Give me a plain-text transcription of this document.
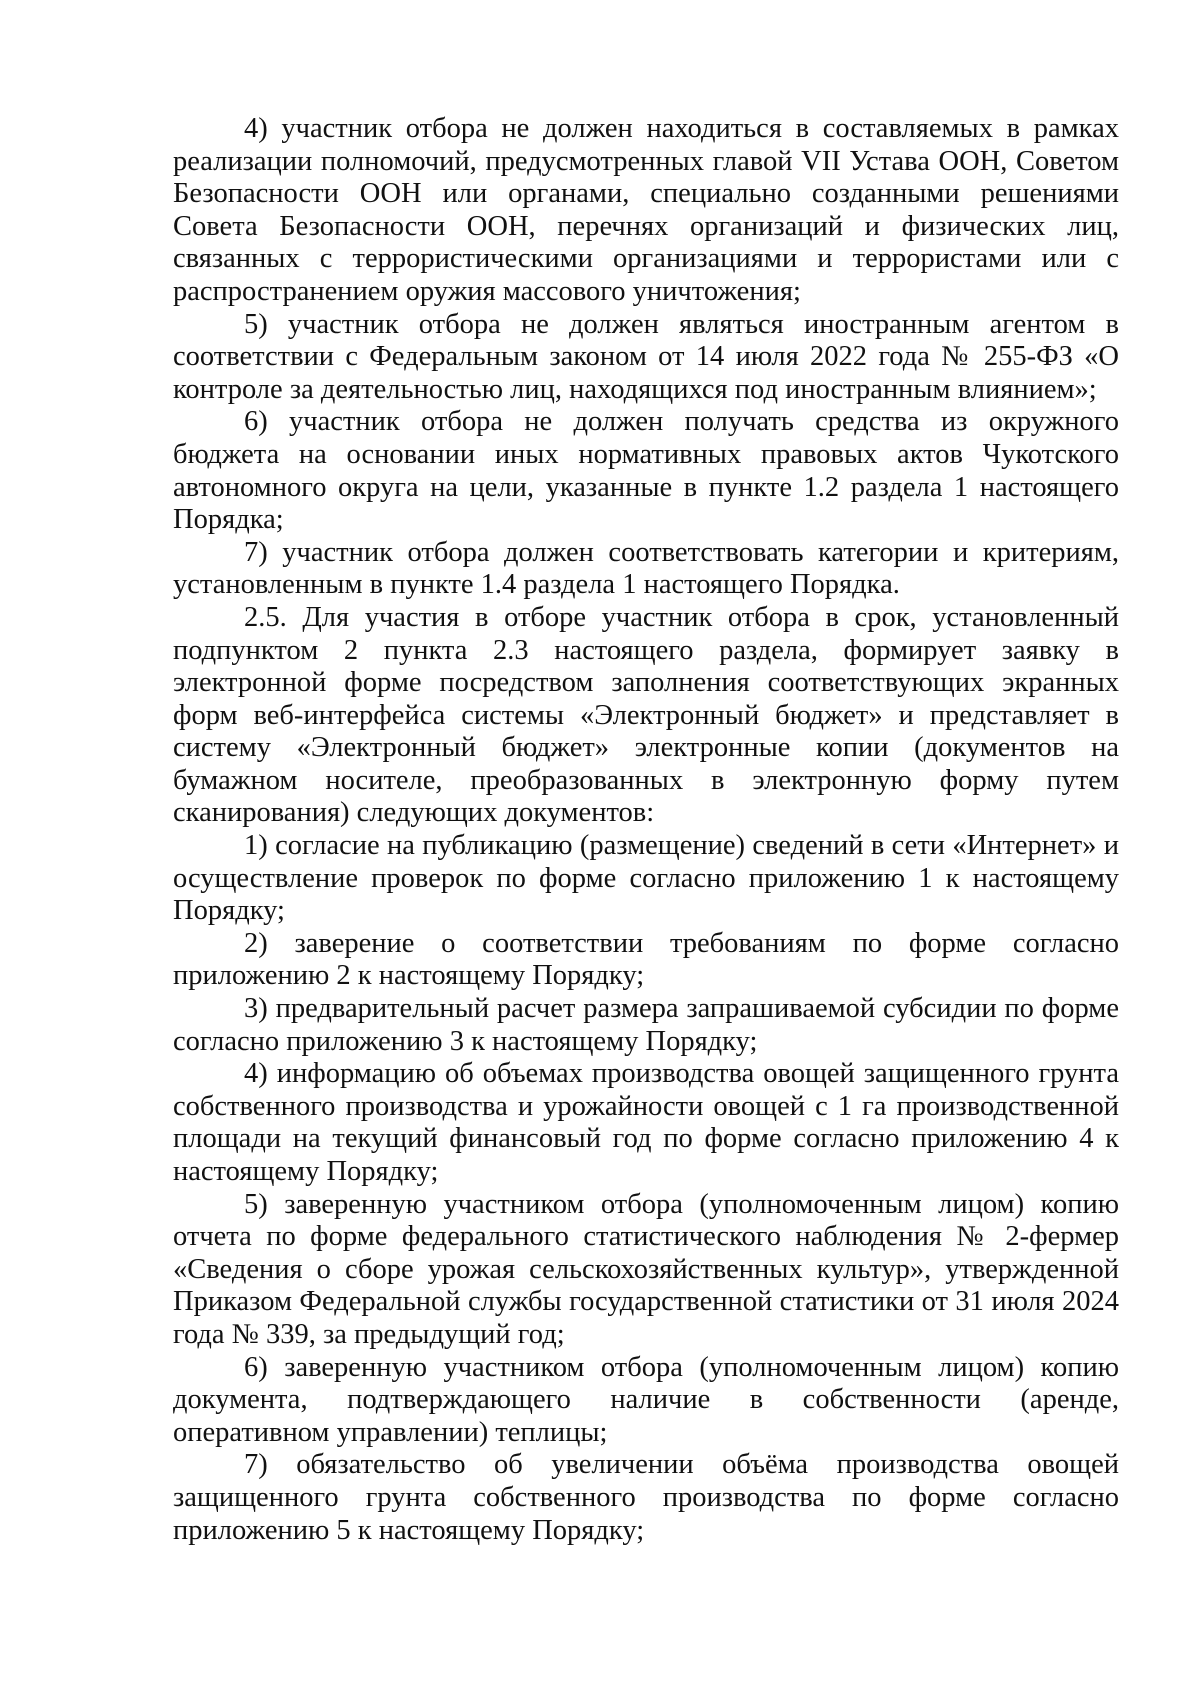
4) участник отбора не должен находиться в составляемых в рамках реализации полномочий, предусмотренных главой VII Устава ООН, Советом Безопасности ООН или органами, специально созданными решениями Совета Безопасности ООН, перечнях организаций и физических лиц, связанных с террористическими организациями и террористами или с распространением оружия массового уничтожения;

5) участник отбора не должен являться иностранным агентом в соответствии с Федеральным законом от 14 июля 2022 года № 255-ФЗ «О контроле за деятельностью лиц, находящихся под иностранным влиянием»;

6) участник отбора не должен получать средства из окружного бюджета на основании иных нормативных правовых актов Чукотского автономного округа на цели, указанные в пункте 1.2 раздела 1 настоящего Порядка;

7) участник отбора должен соответствовать категории и критериям, установленным в пункте 1.4 раздела 1 настоящего Порядка.

2.5. Для участия в отборе участник отбора в срок, установленный подпунктом 2 пункта 2.3 настоящего раздела, формирует заявку в электронной форме посредством заполнения соответствующих экранных форм веб-интерфейса системы «Электронный бюджет» и представляет в систему «Электронный бюджет» электронные копии (документов на бумажном носителе, преобразованных в электронную форму путем сканирования) следующих документов:

1) согласие на публикацию (размещение) сведений в сети «Интернет» и осуществление проверок по форме согласно приложению 1 к настоящему Порядку;

2) заверение о соответствии требованиям по форме согласно приложению 2 к настоящему Порядку;

3) предварительный расчет размера запрашиваемой субсидии по форме согласно приложению 3 к настоящему Порядку;

4) информацию об объемах производства овощей защищенного грунта собственного производства и урожайности овощей с 1 га производственной площади на текущий финансовый год по форме согласно приложению 4 к настоящему Порядку;

5) заверенную участником отбора (уполномоченным лицом) копию отчета по форме федерального статистического наблюдения № 2-фермер «Сведения о сборе урожая сельскохозяйственных культур», утвержденной Приказом Федеральной службы государственной статистики от 31 июля 2024 года № 339, за предыдущий год;

6) заверенную участником отбора (уполномоченным лицом) копию документа, подтверждающего наличие в собственности (аренде, оперативном управлении) теплицы;

7) обязательство об увеличении объёма производства овощей защищенного грунта собственного производства по форме согласно приложению 5 к настоящему Порядку;
